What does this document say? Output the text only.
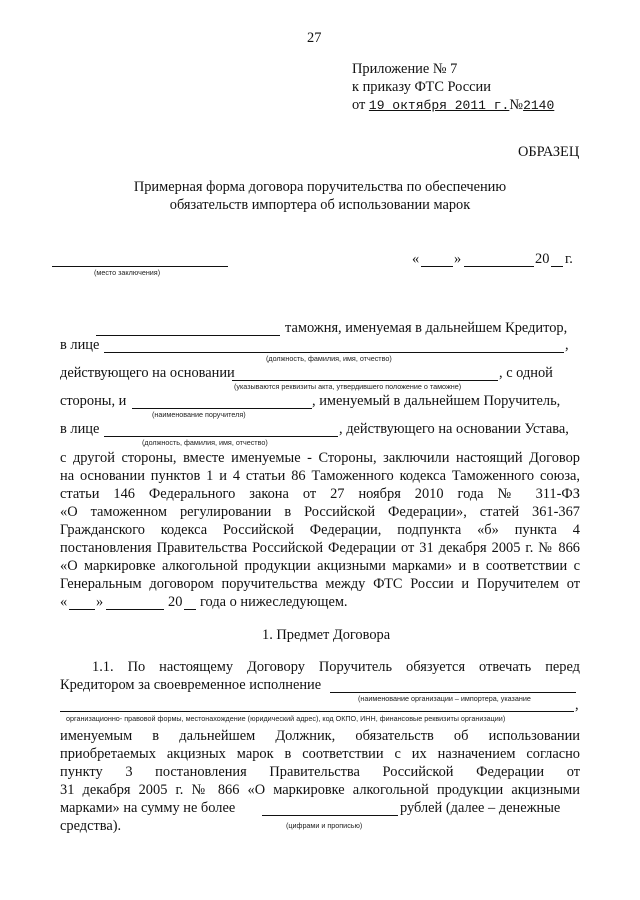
27
Приложение № 7
к приказу ФТС России
от 19 октября 2011 г.№2140
ОБРАЗЕЦ
Примерная форма договора поручительства по обеспечению
обязательств импортера об использовании марок
(место заключения)
« »	20 г.
таможня, именуемая в дальнейшем Кредитор,
в лице	,
(должность, фамилия, имя, отчество)
действующего на основании	, с одной
(указываются реквизиты акта, утвердившего положение о таможне)
стороны, и	, именуемый в дальнейшем Поручитель,
(наименование поручителя)
в лице	, действующего на основании Устава,
(должность, фамилия, имя, отчество)
с другой стороны, вместе именуемые - Стороны, заключили настоящий Договор
на основании пунктов 1 и 4 статьи 86 Таможенного кодекса Таможенного союза,
статьи 146 Федерального закона от 27 ноября 2010 года № 311-ФЗ
«О таможенном регулировании в Российской Федерации», статей 361-367
Гражданского кодекса Российской Федерации, подпункта «б» пункта 4
постановления Правительства Российской Федерации от 31 декабря 2005 г. № 866
«О маркировке алкогольной продукции акцизными марками» и в соответствии с
Генеральным договором поручительства между ФТС России и Поручителем от
« »	20 года о нижеследующем.
1. Предмет Договора
1.1. По настоящему Договору Поручитель обязуется отвечать перед
Кредитором за своевременное исполнение
(наименование организации – импортера, указание	,
организационно- правовой формы, местонахождение (юридический адрес), код ОКПО, ИНН, финансовые реквизиты организации)
именуемым в дальнейшем Должник, обязательств об использовании
приобретаемых акцизных марок в соответствии с их назначением согласно
пункту 3 постановления Правительства Российской Федерации от
31 декабря 2005 г. № 866 «О маркировке алкогольной продукции акцизными
марками» на сумму не более	рублей (далее – денежные
средства).	(цифрами и прописью)
